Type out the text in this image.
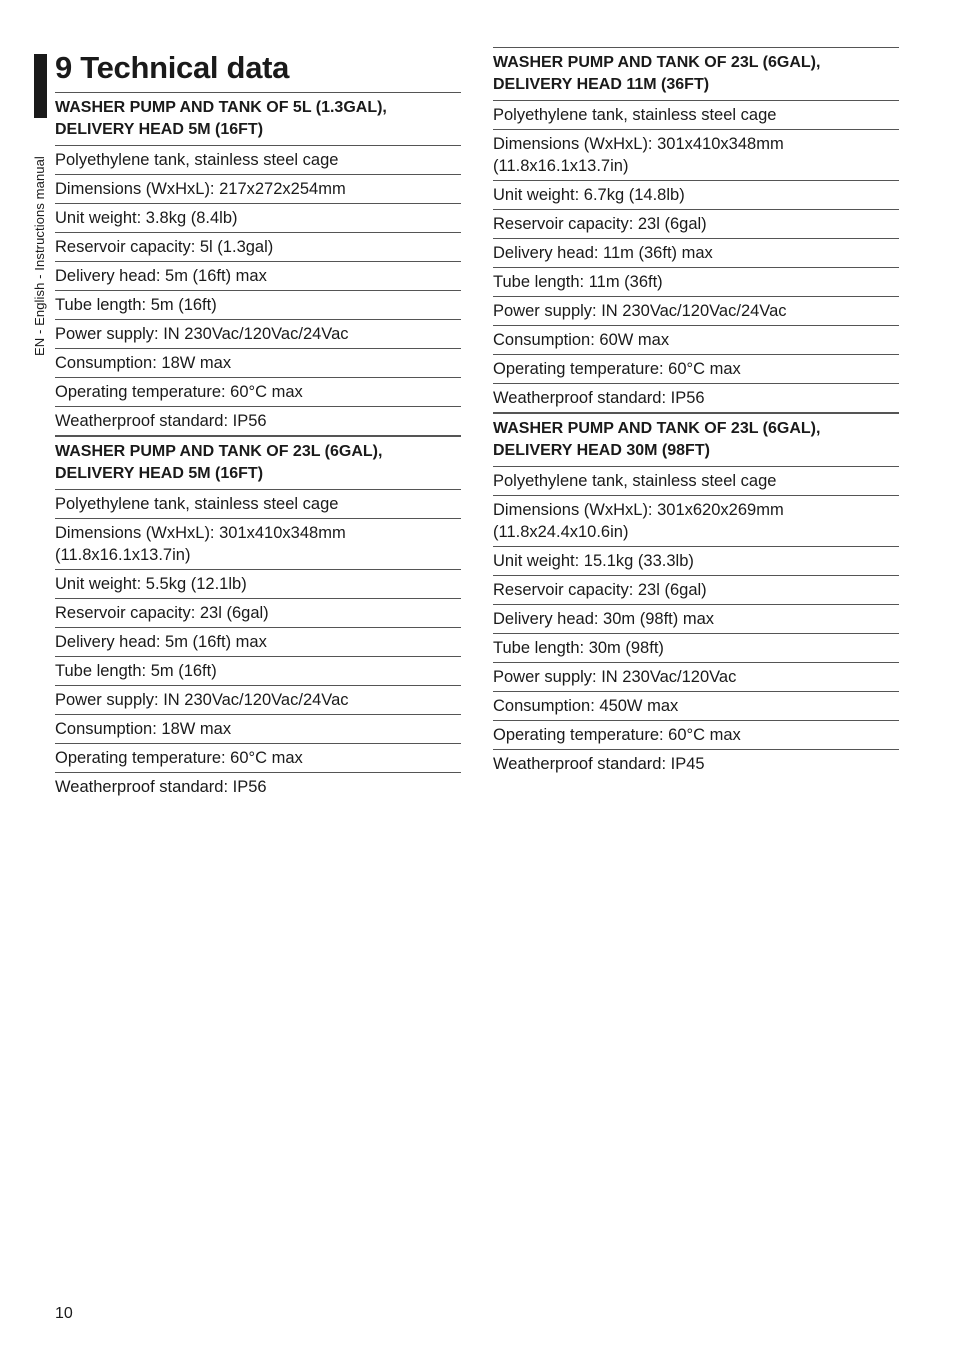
EN - English - Instructions manual
9 Technical data
WASHER PUMP AND TANK OF 5L (1.3GAL),
DELIVERY HEAD 5M (16FT)
Polyethylene tank, stainless steel cage
Dimensions (WxHxL): 217x272x254mm
Unit weight: 3.8kg (8.4lb)
Reservoir capacity: 5l (1.3gal)
Delivery head: 5m (16ft) max
Tube length: 5m (16ft)
Power supply: IN 230Vac/120Vac/24Vac
Consumption: 18W max
Operating temperature: 60°C max
Weatherproof standard: IP56
WASHER PUMP AND TANK OF 23L (6GAL),
DELIVERY HEAD 5M (16FT)
Polyethylene tank, stainless steel cage
Dimensions (WxHxL): 301x410x348mm (11.8x16.1x13.7in)
Unit weight: 5.5kg (12.1lb)
Reservoir capacity: 23l (6gal)
Delivery head: 5m (16ft) max
Tube length: 5m (16ft)
Power supply: IN 230Vac/120Vac/24Vac
Consumption: 18W max
Operating temperature: 60°C max
Weatherproof standard: IP56
WASHER PUMP AND TANK OF 23L (6GAL),
DELIVERY HEAD 11M (36FT)
Polyethylene tank, stainless steel cage
Dimensions (WxHxL): 301x410x348mm (11.8x16.1x13.7in)
Unit weight: 6.7kg (14.8lb)
Reservoir capacity: 23l (6gal)
Delivery head: 11m (36ft) max
Tube length: 11m (36ft)
Power supply: IN 230Vac/120Vac/24Vac
Consumption: 60W max
Operating temperature: 60°C max
Weatherproof standard: IP56
WASHER PUMP AND TANK OF 23L (6GAL),
DELIVERY HEAD 30M (98FT)
Polyethylene tank, stainless steel cage
Dimensions (WxHxL): 301x620x269mm (11.8x24.4x10.6in)
Unit weight: 15.1kg (33.3lb)
Reservoir capacity: 23l (6gal)
Delivery head: 30m (98ft) max
Tube length: 30m (98ft)
Power supply: IN 230Vac/120Vac
Consumption: 450W max
Operating temperature: 60°C max
Weatherproof standard: IP45
10
